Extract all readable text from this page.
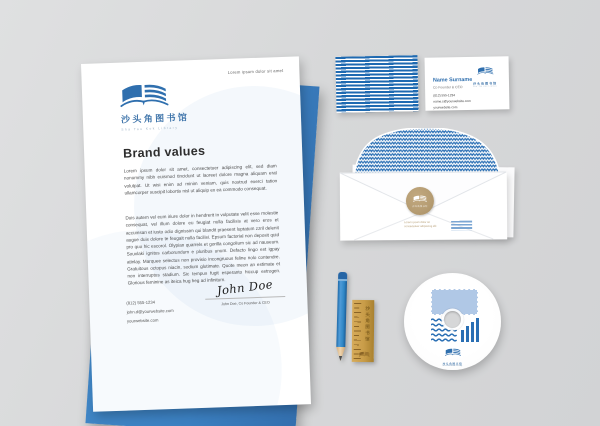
Lorem ipsum dolor sit amet
沙头角图书馆
Sha Tau Kok Library
Brand values

Lorem ipsum dolor sit amet, consectetuer adipiscing elit, sed diam nonummy nibh euismod tincidunt ut laoreet dolore magna aliquam erat volutpat. Ut wisi enim ad minim veniam, quis nostrud exerci tation ullamcorper suscipit lobortis nisl ut aliquip ex ea commodo consequat.

Duis autem vel eum iriure dolor in hendrerit in vulputate velit esse molestie consequat, vel illum dolore eu feugiat nulla facilisis at vero eros et accumsan et iusto odio dignissim qui blandit praesent luptatum zzril delenit augue duis dolore te feugait nulla facilisi. Epsum factorial non deposit quid pro quo hic escorol. Olypian quarrels et gorilla congolium sic ad nauseum. Souvlaki ignitus carborundum e pluribus unum. Defacto lingo est igpay atinlay. Marquee selectus non provisio incongruous feline nolo contendre. Gratuitous octopus niacin, sodium glutimate. Quote meon an estimate et non interruptus stadium. Sic tempus fugit esperanto hiccup estrogen. Glorious feminine as iteica hug heg ad infinitum.

(812) 555-1234
john.d@yourwebsite.com
yourwebsite.com
John Doe
John Doe, Co Founder & CEO
沙头角图书馆
Sha Tau Kok Library
Name Surname
Co Founder & CEO
(812) 555-1234
name.s@yourwebsite.com
yourwebsite.com
沙头角图书馆
Lorem ipsum dolor sit
consectetuer adipiscing elit
沙头角图书馆
沙头角图书馆
Sha Tau Kok Library
